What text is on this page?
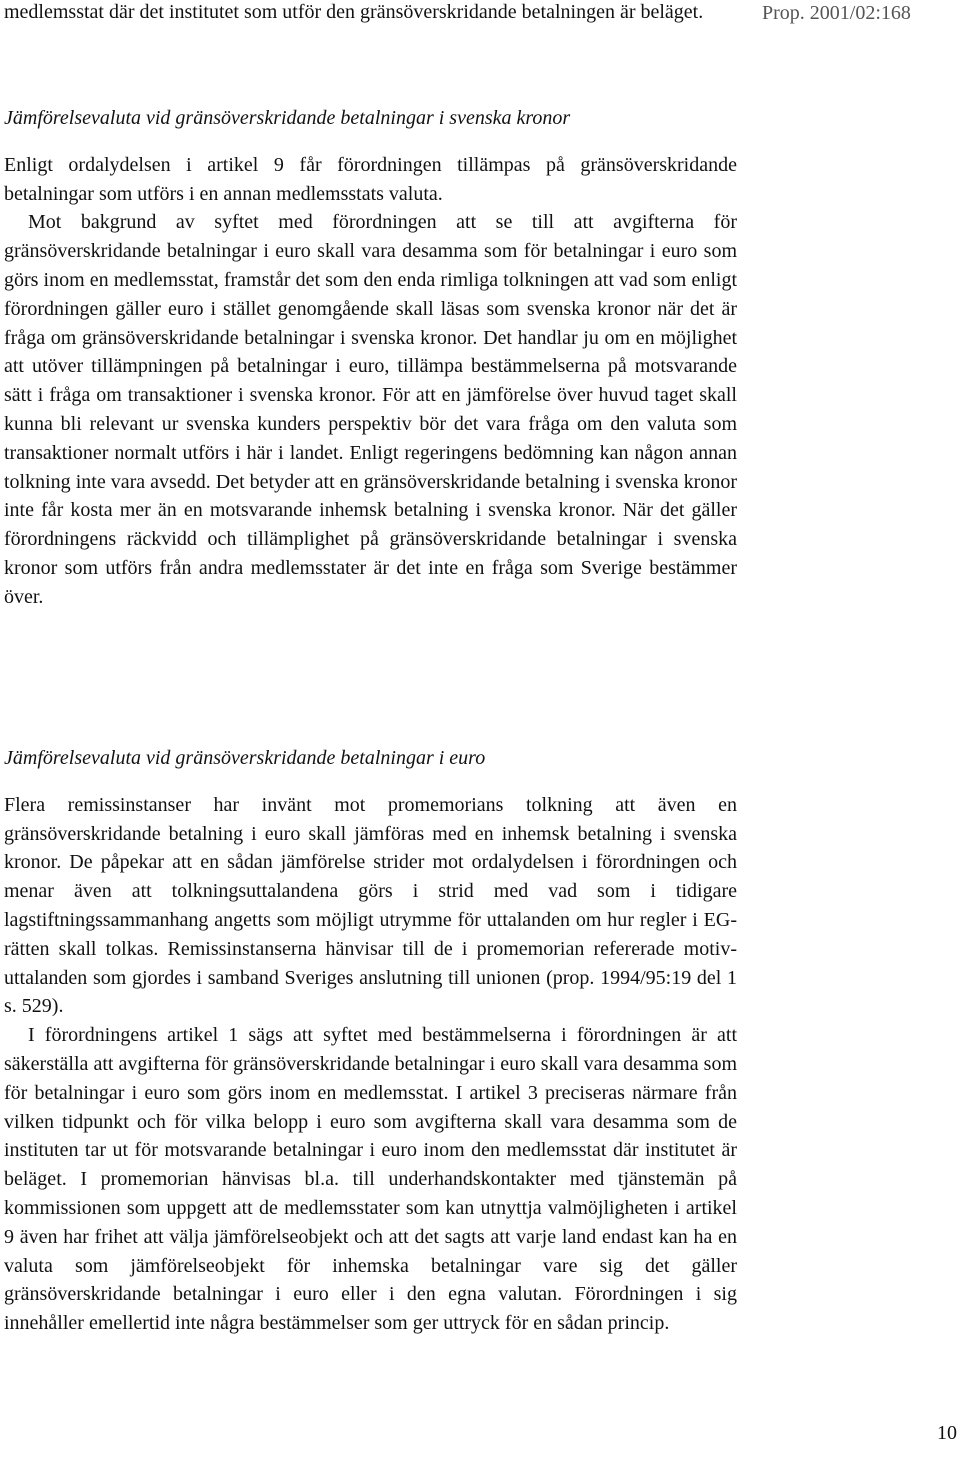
Prop. 2001/02:168

medlemsstat där det institutet som utför den gränsöverskridande betalningen är beläget.

Jämförelsevaluta vid gränsöverskridande betalningar i svenska kronor

Enligt ordalydelsen i artikel 9 får förordningen tillämpas på gränsöverskridande betalningar som utförs i en annan medlemsstats valuta.

Mot bakgrund av syftet med förordningen att se till att avgifterna för gränsöverskridande betalningar i euro skall vara desamma som för betalningar i euro som görs inom en medlemsstat, framstår det som den enda rimliga tolkningen att vad som enligt förordningen gäller euro i stället genomgående skall läsas som svenska kronor när det är fråga om gränsöverskridande betalningar i svenska kronor. Det handlar ju om en möjlighet att utöver tillämpningen på betalningar i euro, tillämpa bestämmelserna på motsvarande sätt i fråga om transaktioner i svenska kronor. För att en jämförelse över huvud taget skall kunna bli relevant ur svenska kunders perspektiv bör det vara fråga om den valuta som transaktioner normalt utförs i här i landet. Enligt regeringens bedömning kan någon annan tolkning inte vara avsedd. Det betyder att en gränsöverskridande betalning i svenska kronor inte får kosta mer än en motsvarande inhemsk betalning i svenska kronor. När det gäller förordningens räckvidd och tillämplighet på gränsöverskridande betalningar i svenska kronor som utförs från andra medlemsstater är det inte en fråga som Sverige bestämmer över.

Jämförelsevaluta vid gränsöverskridande betalningar i euro

Flera remissinstanser har invänt mot promemorians tolkning att även en gränsöverskridande betalning i euro skall jämföras med en inhemsk betalning i svenska kronor. De påpekar att en sådan jämförelse strider mot ordalydelsen i förordningen och menar även att tolkningsuttalandena görs i strid med vad som i tidigare lagstiftningssammanhang angetts som möjligt utrymme för uttalanden om hur regler i EG-rätten skall tolkas. Remissinstanserna hänvisar till de i promemorian refererade motivuttalanden som gjordes i samband Sveriges anslutning till unionen (prop. 1994/95:19 del 1 s. 529).

I förordningens artikel 1 sägs att syftet med bestämmelserna i förordningen är att säkerställa att avgifterna för gränsöverskridande betalningar i euro skall vara desamma som för betalningar i euro som görs inom en medlemsstat. I artikel 3 preciseras närmare från vilken tidpunkt och för vilka belopp i euro som avgifterna skall vara desamma som de instituten tar ut för motsvarande betalningar i euro inom den medlemsstat där institutet är beläget. I promemorian hänvisas bl.a. till underhandskontakter med tjänstemän på kommissionen som uppgett att de medlemsstater som kan utnyttja valmöjligheten i artikel 9 även har frihet att välja jämförelseobjekt och att det sagts att varje land endast kan ha en valuta som jämförelseobjekt för inhemska betalningar vare sig det gäller gränsöverskridande betalningar i euro eller i den egna valutan. Förordningen i sig innehåller emellertid inte några bestämmelser som ger uttryck för en sådan princip.

10
